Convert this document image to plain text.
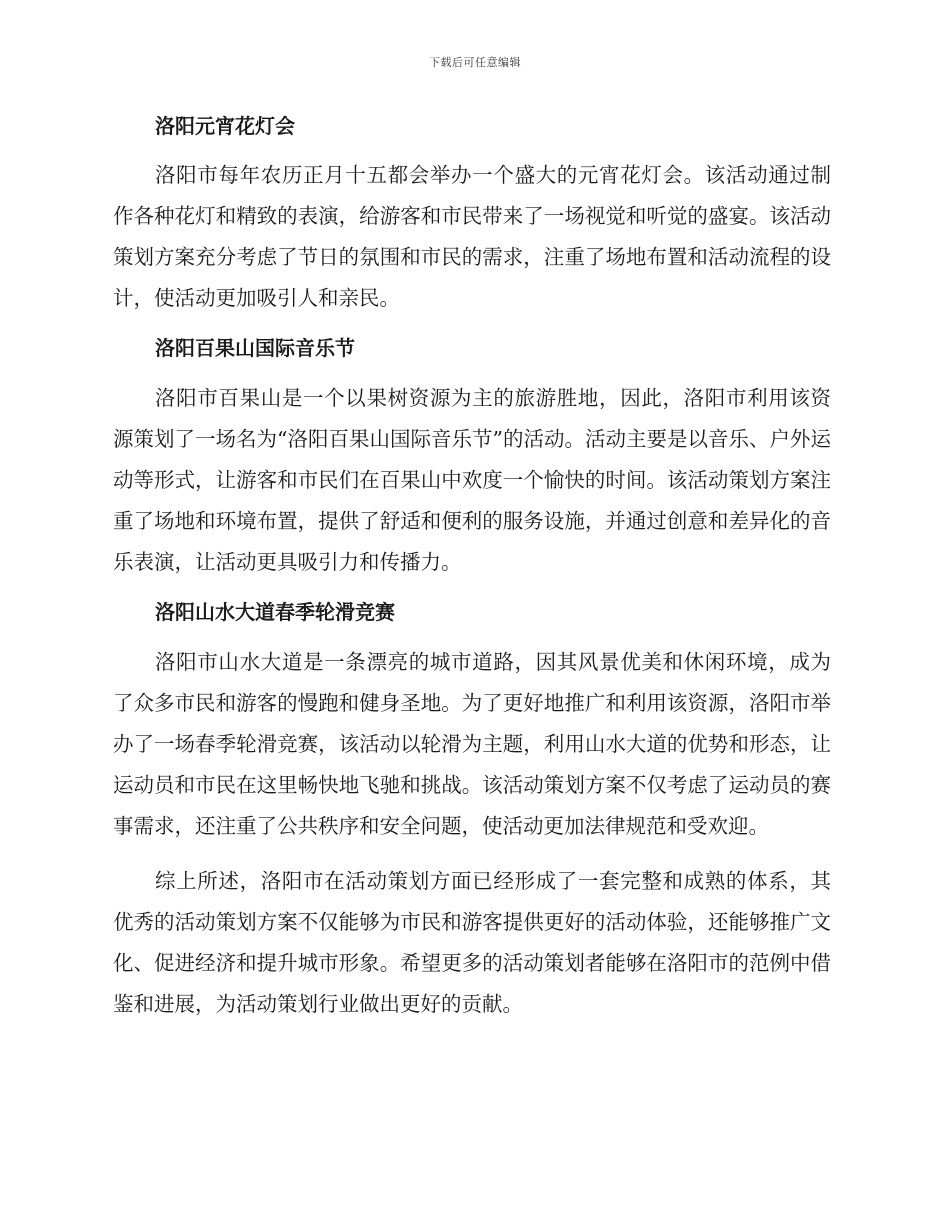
下载后可任意编辑
洛阳元宵花灯会

洛阳市每年农历正月十五都会举办一个盛大的元宵花灯会。该活动通过制作各种花灯和精致的表演，给游客和市民带来了一场视觉和听觉的盛宴。该活动策划方案充分考虑了节日的氛围和市民的需求，注重了场地布置和活动流程的设计，使活动更加吸引人和亲民。

洛阳百果山国际音乐节

洛阳市百果山是一个以果树资源为主的旅游胜地，因此，洛阳市利用该资源策划了一场名为“洛阳百果山国际音乐节”的活动。活动主要是以音乐、户外运动等形式，让游客和市民们在百果山中欢度一个愉快的时间。该活动策划方案注重了场地和环境布置，提供了舒适和便利的服务设施，并通过创意和差异化的音乐表演，让活动更具吸引力和传播力。

洛阳山水大道春季轮滑竞赛

洛阳市山水大道是一条漂亮的城市道路，因其风景优美和休闲环境，成为了众多市民和游客的慢跑和健身圣地。为了更好地推广和利用该资源，洛阳市举办了一场春季轮滑竞赛，该活动以轮滑为主题，利用山水大道的优势和形态，让运动员和市民在这里畅快地飞驰和挑战。该活动策划方案不仅考虑了运动员的赛事需求，还注重了公共秩序和安全问题，使活动更加法律规范和受欢迎。

综上所述，洛阳市在活动策划方面已经形成了一套完整和成熟的体系，其优秀的活动策划方案不仅能够为市民和游客提供更好的活动体验，还能够推广文化、促进经济和提升城市形象。希望更多的活动策划者能够在洛阳市的范例中借鉴和进展，为活动策划行业做出更好的贡献。
